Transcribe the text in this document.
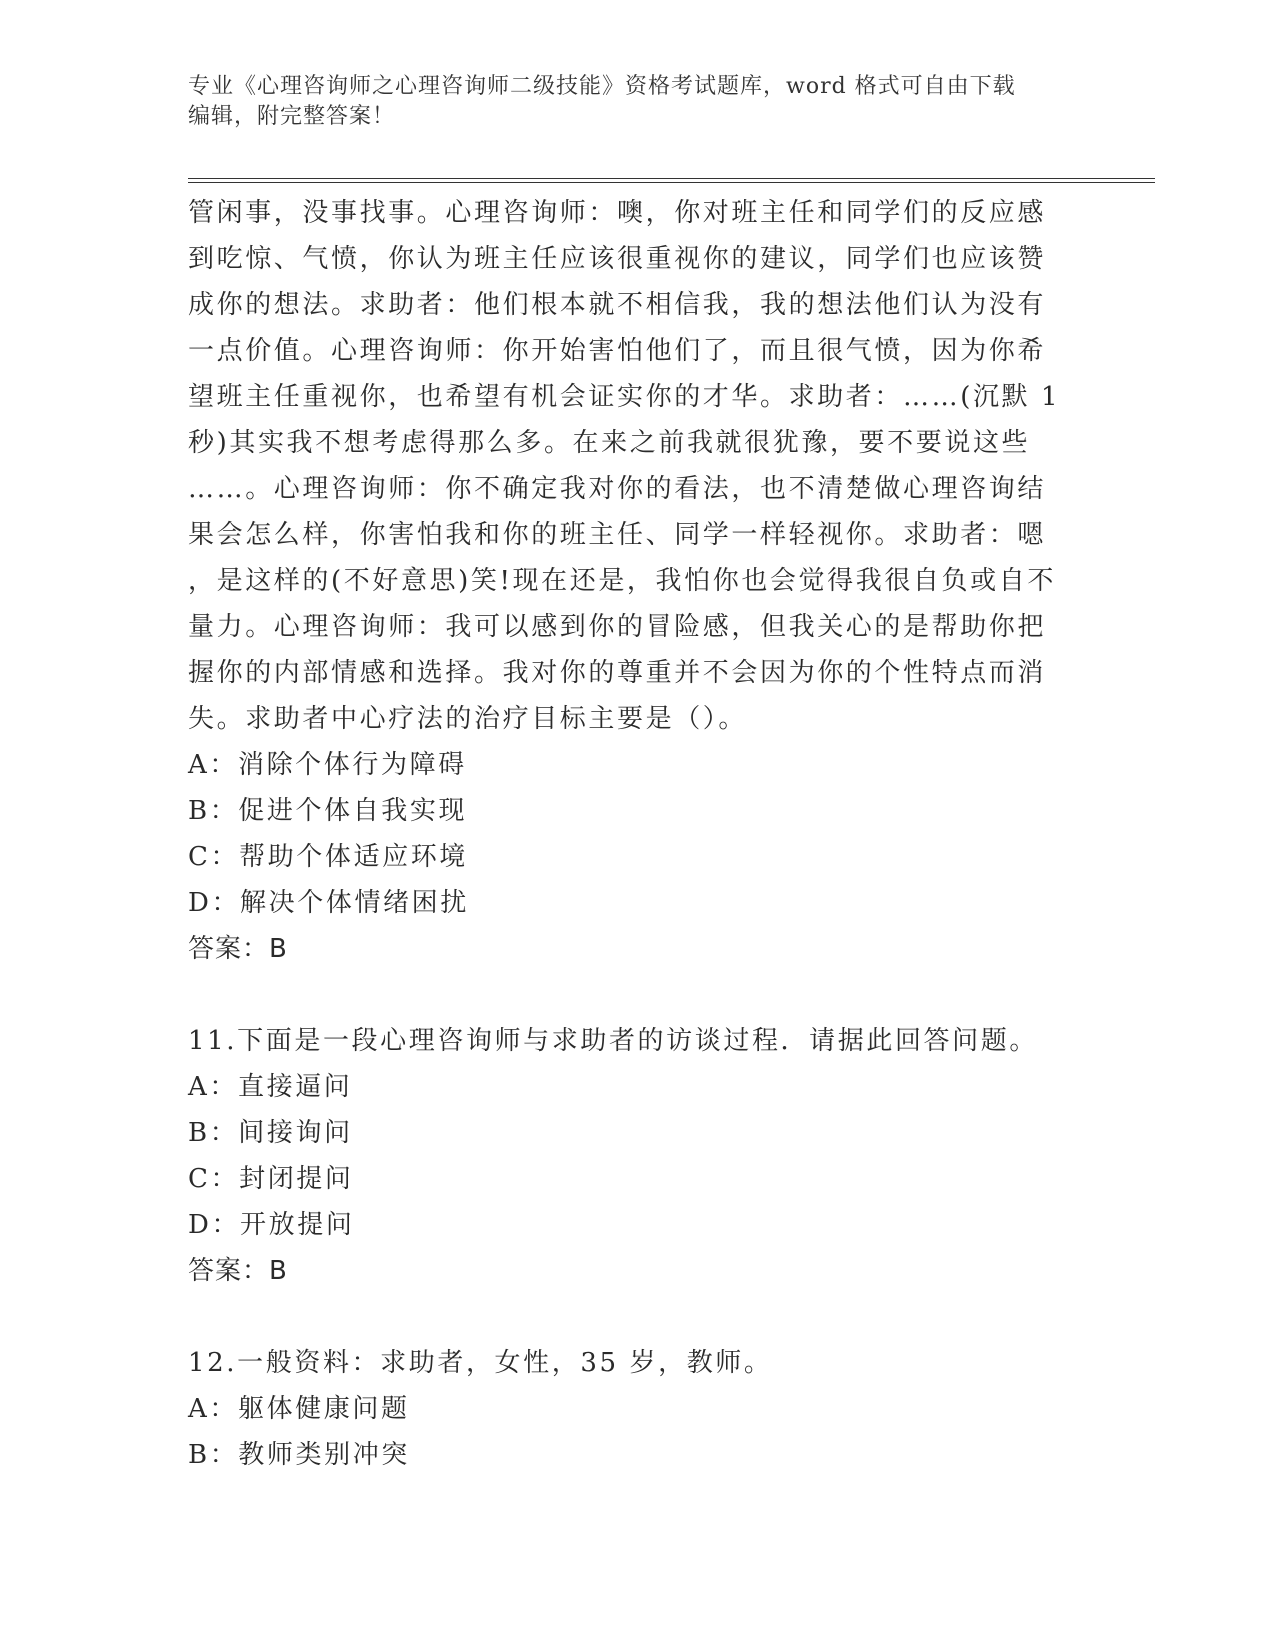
专业《心理咨询师之心理咨询师二级技能》资格考试题库，word 格式可自由下载
编辑，附完整答案！
管闲事，没事找事。心理咨询师：噢，你对班主任和同学们的反应感
到吃惊、气愤，你认为班主任应该很重视你的建议，同学们也应该赞
成你的想法。求助者：他们根本就不相信我，我的想法他们认为没有
一点价值。心理咨询师：你开始害怕他们了，而且很气愤，因为你希
望班主任重视你，也希望有机会证实你的才华。求助者：……(沉默 1
秒)其实我不想考虑得那么多。在来之前我就很犹豫，要不要说这些
……。心理咨询师：你不确定我对你的看法，也不清楚做心理咨询结
果会怎么样，你害怕我和你的班主任、同学一样轻视你。求助者：嗯
，是这样的(不好意思)笑!现在还是，我怕你也会觉得我很自负或自不
量力。心理咨询师：我可以感到你的冒险感，但我关心的是帮助你把
握你的内部情感和选择。我对你的尊重并不会因为你的个性特点而消
失。求助者中心疗法的治疗目标主要是（）。
A：消除个体行为障碍
B：促进个体自我实现
C：帮助个体适应环境
D：解决个体情绪困扰
答案：B
11.下面是一段心理咨询师与求助者的访谈过程．请据此回答问题。
A：直接逼问
B：间接询问
C：封闭提问
D：开放提问
答案：B
12.一般资料：求助者，女性，35 岁，教师。
A：躯体健康问题
B：教师类别冲突
